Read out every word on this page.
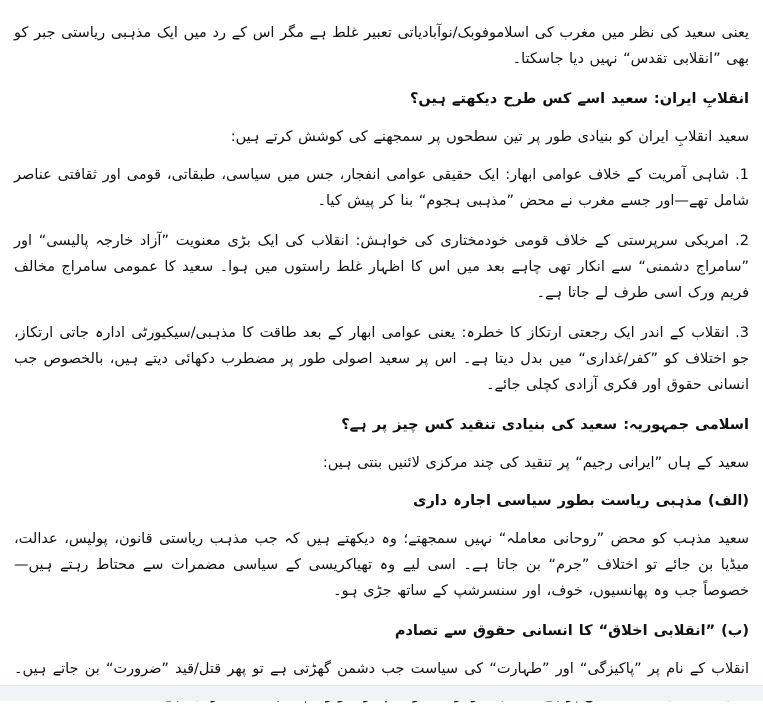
یعنی سعید کی نظر میں مغرب کی اسلاموفوبک/نوآبادیاتی تعبیر غلط ہے مگر اس کے رد میں ایک مذہبی ریاستی جبر کو بھی ”انقلابی تقدس“ نہیں دیا جاسکتا۔

انقلابِ ایران: سعید اسے کس طرح دیکھتے ہیں؟

سعید انقلابِ ایران کو بنیادی طور پر تین سطحوں پر سمجھنے کی کوشش کرتے ہیں:

1. شاہی آمریت کے خلاف عوامی ابھار: ایک حقیقی عوامی انفجار، جس میں سیاسی، طبقاتی، قومی اور ثقافتی عناصر شامل تھے—اور جسے مغرب نے محض ”مذہبی ہجوم“ بنا کر پیش کیا۔

2. امریکی سرپرستی کے خلاف قومی خودمختاری کی خواہش: انقلاب کی ایک بڑی معنویت ”آزاد خارجہ پالیسی“ اور ”سامراج دشمنی“ سے انکار تھی چاہے بعد میں اس کا اظہار غلط راستوں میں ہوا۔ سعید کا عمومی سامراج مخالف فریم ورک اسی طرف لے جاتا ہے۔

3. انقلاب کے اندر ایک رجعتی ارتکاز کا خطرہ: یعنی عوامی ابھار کے بعد طاقت کا مذہبی/سیکیورٹی ادارہ جاتی ارتکاز، جو اختلاف کو ”کفر/غداری“ میں بدل دیتا ہے۔ اس پر سعید اصولی طور پر مضطرب دکھائی دیتے ہیں، بالخصوص جب انسانی حقوق اور فکری آزادی کچلی جائے۔

اسلامی جمہوریہ: سعید کی بنیادی تنقید کس چیز پر ہے؟

سعید کے ہاں ”ایرانی رجیم“ پر تنقید کی چند مرکزی لائنیں بنتی ہیں:

(الف) مذہبی ریاست بطور سیاسی اجارہ داری

سعید مذہب کو محض ”روحانی معاملہ“ نہیں سمجھتے؛ وہ دیکھتے ہیں کہ جب مذہب ریاستی قانون، پولیس، عدالت، میڈیا بن جائے تو اختلاف ”جرم“ بن جاتا ہے۔ اسی لیے وہ تھیاکریسی کے سیاسی مضمرات سے محتاط رہتے ہیں—خصوصاً جب وہ پھانسیوں، خوف، اور سنسرشپ کے ساتھ جڑی ہو۔

(ب) ”انقلابی اخلاق“ کا انسانی حقوق سے تصادم

انقلاب کے نام پر ”پاکیزگی“ اور ”طہارت“ کی سیاست جب دشمن گھڑتی ہے تو پھر قتل/قید ”ضرورت“ بن جاتے ہیں۔
